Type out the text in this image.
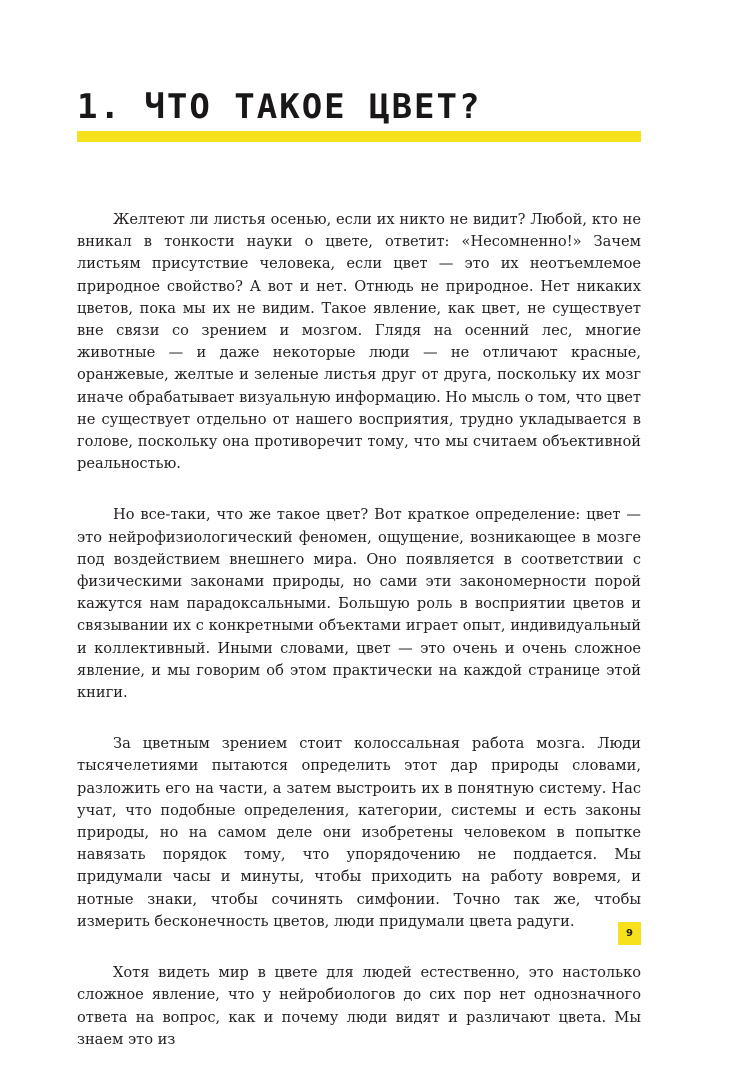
1. ЧТО ТАКОЕ ЦВЕТ?

Желтеют ли листья осенью, если их никто не видит? Любой, кто не вникал в тонкости науки о цвете, ответит: «Несомненно!» Зачем листьям присутствие человека, если цвет — это их неотъемлемое природное свойство? А вот и нет. Отнюдь не природное. Нет никаких цветов, пока мы их не видим. Такое явление, как цвет, не существует вне связи со зрением и мозгом. Глядя на осенний лес, многие животные — и даже некоторые люди — не отличают красные, оранжевые, желтые и зеленые листья друг от друга, поскольку их мозг иначе обрабатывает визуальную информацию. Но мысль о том, что цвет не существует отдельно от нашего восприятия, трудно укладывается в голове, поскольку она противоречит тому, что мы считаем объективной реальностью.

Но все-таки, что же такое цвет? Вот краткое определение: цвет — это нейрофизиологический феномен, ощущение, возникающее в мозге под воздействием внешнего мира. Оно появляется в соответствии с физическими законами природы, но сами эти закономерности порой кажутся нам парадоксальными. Большую роль в восприятии цветов и связывании их с конкретными объектами играет опыт, индивидуальный и коллективный. Иными словами, цвет — это очень и очень сложное явление, и мы говорим об этом практически на каждой странице этой книги.

За цветным зрением стоит колоссальная работа мозга. Люди тысячелетиями пытаются определить этот дар природы словами, разложить его на части, а затем выстроить их в понятную систему. Нас учат, что подобные определения, категории, системы и есть законы природы, но на самом деле они изобретены человеком в попытке навязать порядок тому, что упорядочению не поддается. Мы придумали часы и минуты, чтобы приходить на работу вовремя, и нотные знаки, чтобы сочинять симфонии. Точно так же, чтобы измерить бесконечность цветов, люди придумали цвета радуги.

Хотя видеть мир в цвете для людей естественно, это настолько сложное явление, что у нейробиологов до сих пор нет однозначного ответа на вопрос, как и почему люди видят и различают цвета. Мы знаем это из

9
